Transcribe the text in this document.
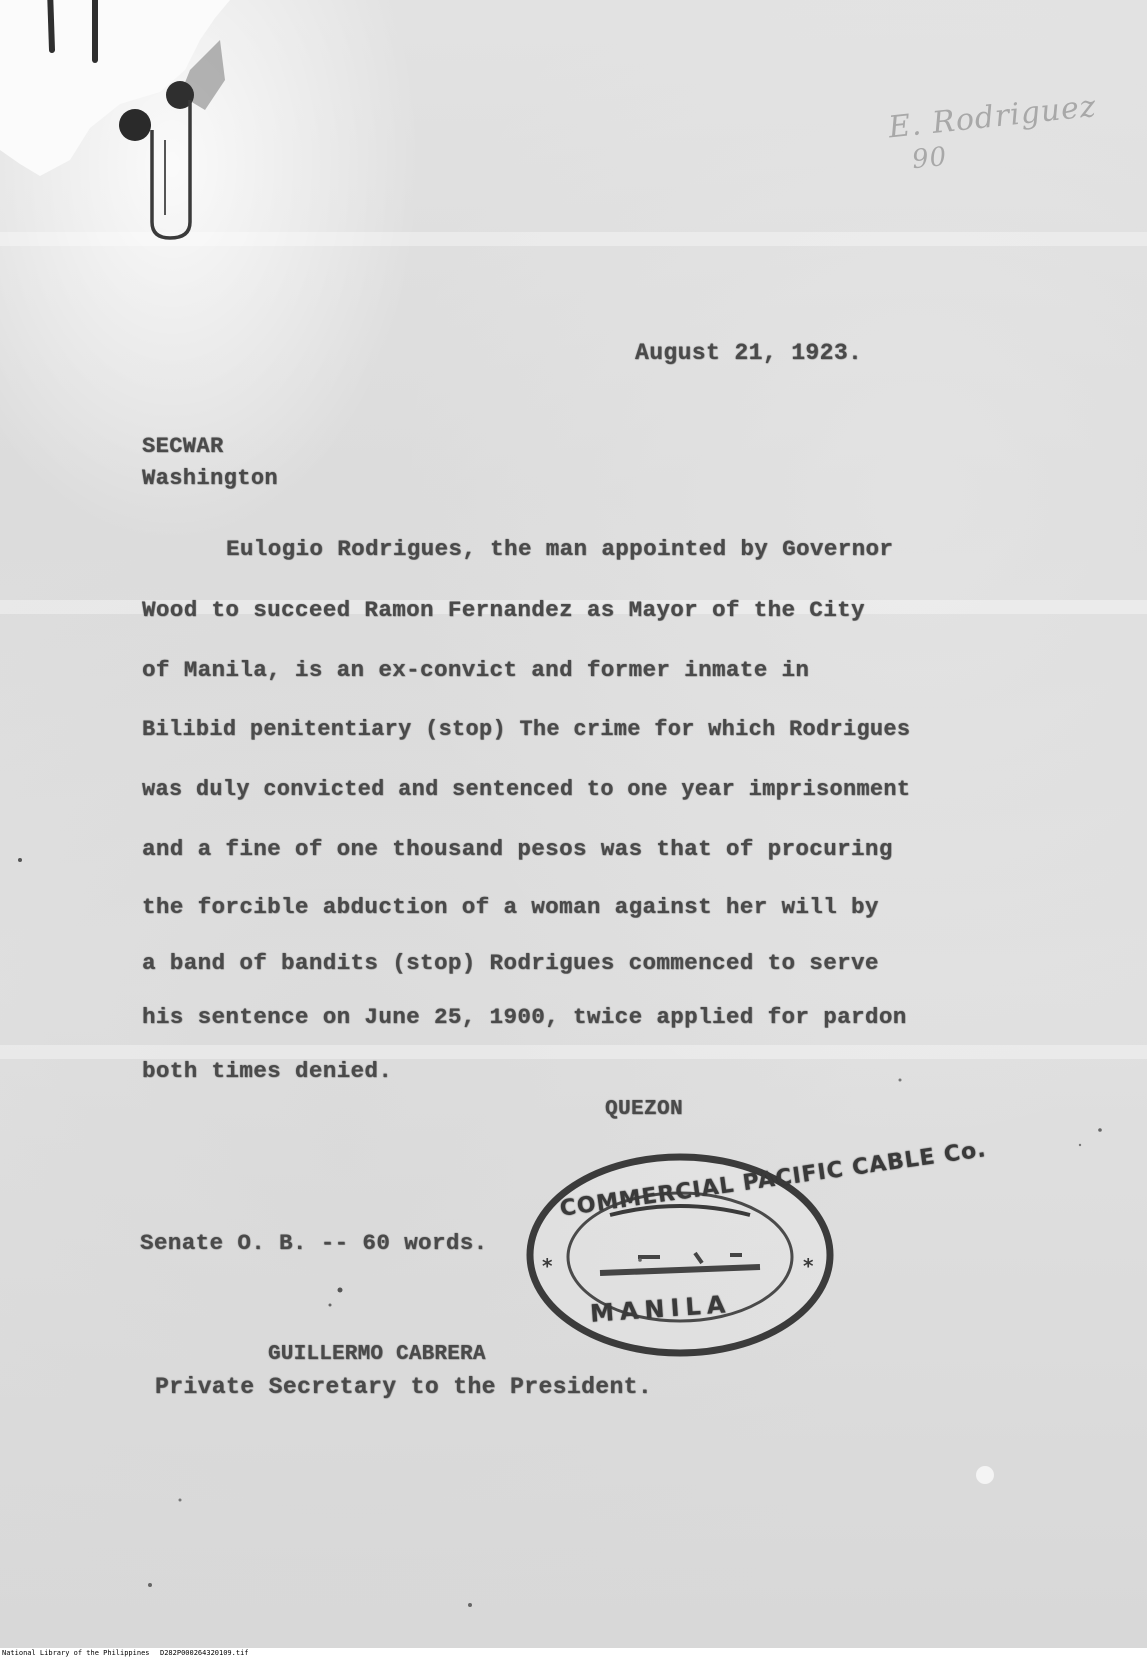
E. Rodriguez
90
August 21, 1923.
SECWAR
Washington
Eulogio Rodrigues, the man appointed by Governor
Wood to succeed Ramon Fernandez as Mayor of the City
of Manila, is an ex-convict and former inmate in
Bilibid penitentiary (stop) The crime for which Rodrigues
was duly convicted and sentenced to one year imprisonment
and a fine of one thousand pesos was that of procuring
the forcible abduction of a woman against her will by
a band of bandits (stop) Rodrigues commenced to serve
his sentence on June 25, 1900, twice applied for pardon
both times denied.
QUEZON
Senate O. B. -- 60 words.
*	*
COMMERCIAL PACIFIC CABLE Co.
MANILA
GUILLERMO CABRERA
Private Secretary to the President.
National Library of the Philippines D282P000264320109.tif
